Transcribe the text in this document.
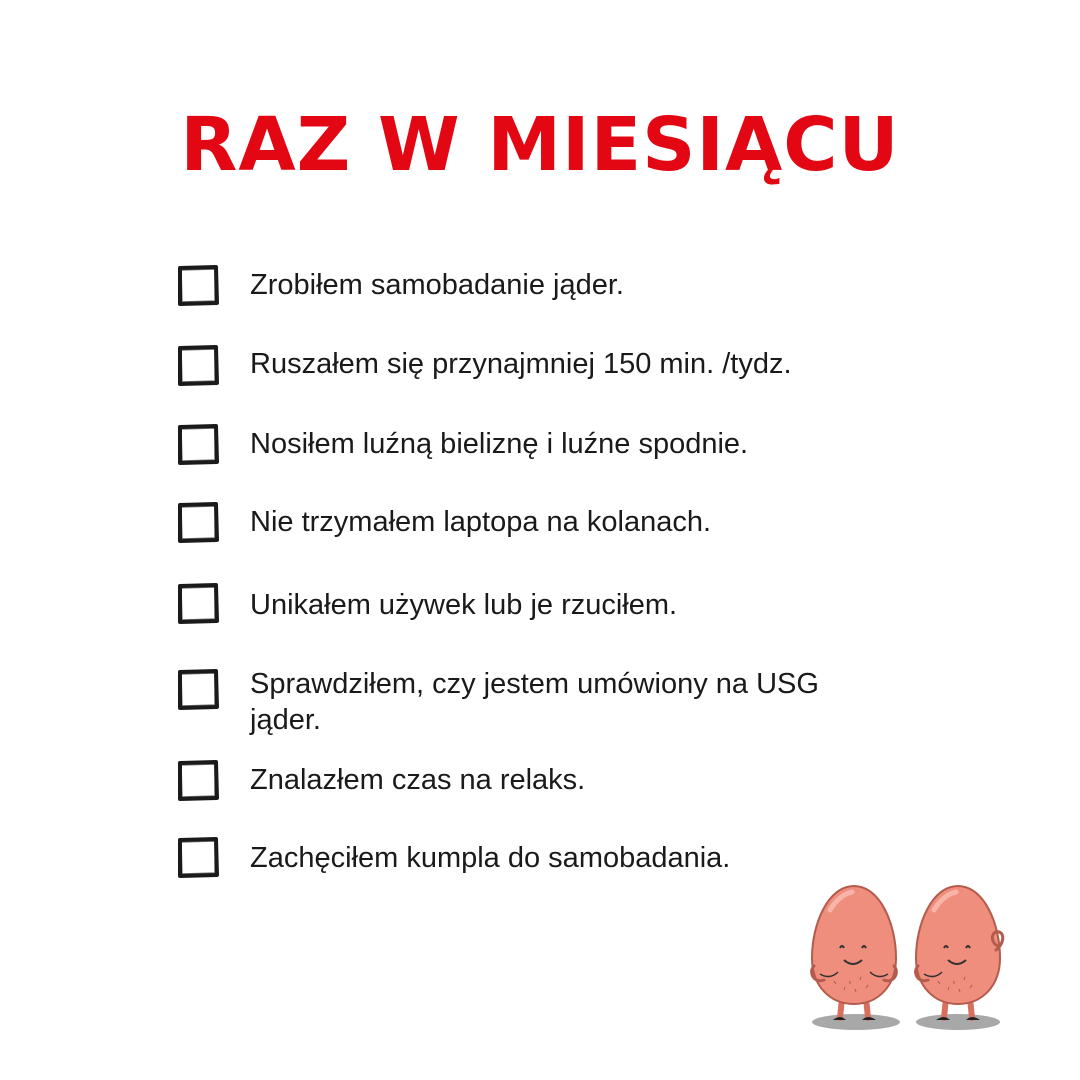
RAZ W MIESIĄCU
Zrobiłem samobadanie jąder.
Ruszałem się przynajmniej 150 min. /tydz.
Nosiłem luźną bieliznę i luźne spodnie.
Nie trzymałem laptopa na kolanach.
Unikałem używek lub je rzuciłem.
Sprawdziłem, czy jestem umówiony na USG jąder.
Znalazłem czas na relaks.
Zachęciłem kumpla do samobadania.
